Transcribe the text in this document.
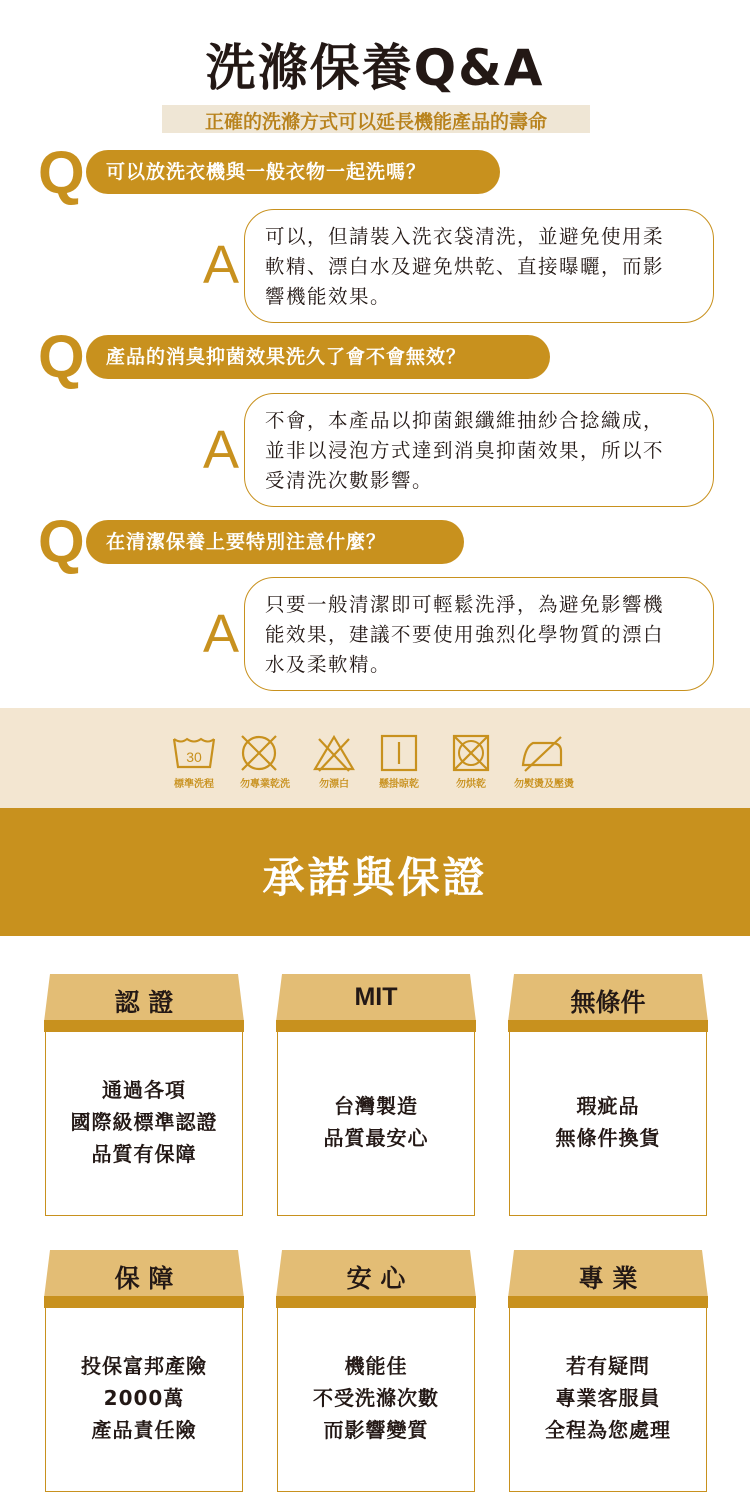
洗滌保養Q&A
正確的洗滌方式可以延長機能產品的壽命
Q	可以放洗衣機與一般衣物一起洗嗎？
A 可以，但請裝入洗衣袋清洗，並避免使用柔
軟精、漂白水及避免烘乾、直接曝曬，而影
響機能效果。
Q	產品的消臭抑菌效果洗久了會不會無效？
A 不會，本產品以抑菌銀纖維抽紗合捻織成，
並非以浸泡方式達到消臭抑菌效果，所以不
受清洗次數影響。
Q	在清潔保養上要特別注意什麼？
A 只要一般清潔即可輕鬆洗淨，為避免影響機
能效果，建議不要使用強烈化學物質的漂白
水及柔軟精。
30
標準洗程	勿專業乾洗	勿漂白	懸掛晾乾	勿烘乾	勿熨燙及壓燙
承諾與保證
認 證
通過各項
國際級標準認證
品質有保障
MIT
台灣製造
品質最安心
無條件
瑕疵品
無條件換貨
保 障
投保富邦產險
2000萬
產品責任險
安 心
機能佳
不受洗滌次數
而影響變質
專 業
若有疑問
專業客服員
全程為您處理
